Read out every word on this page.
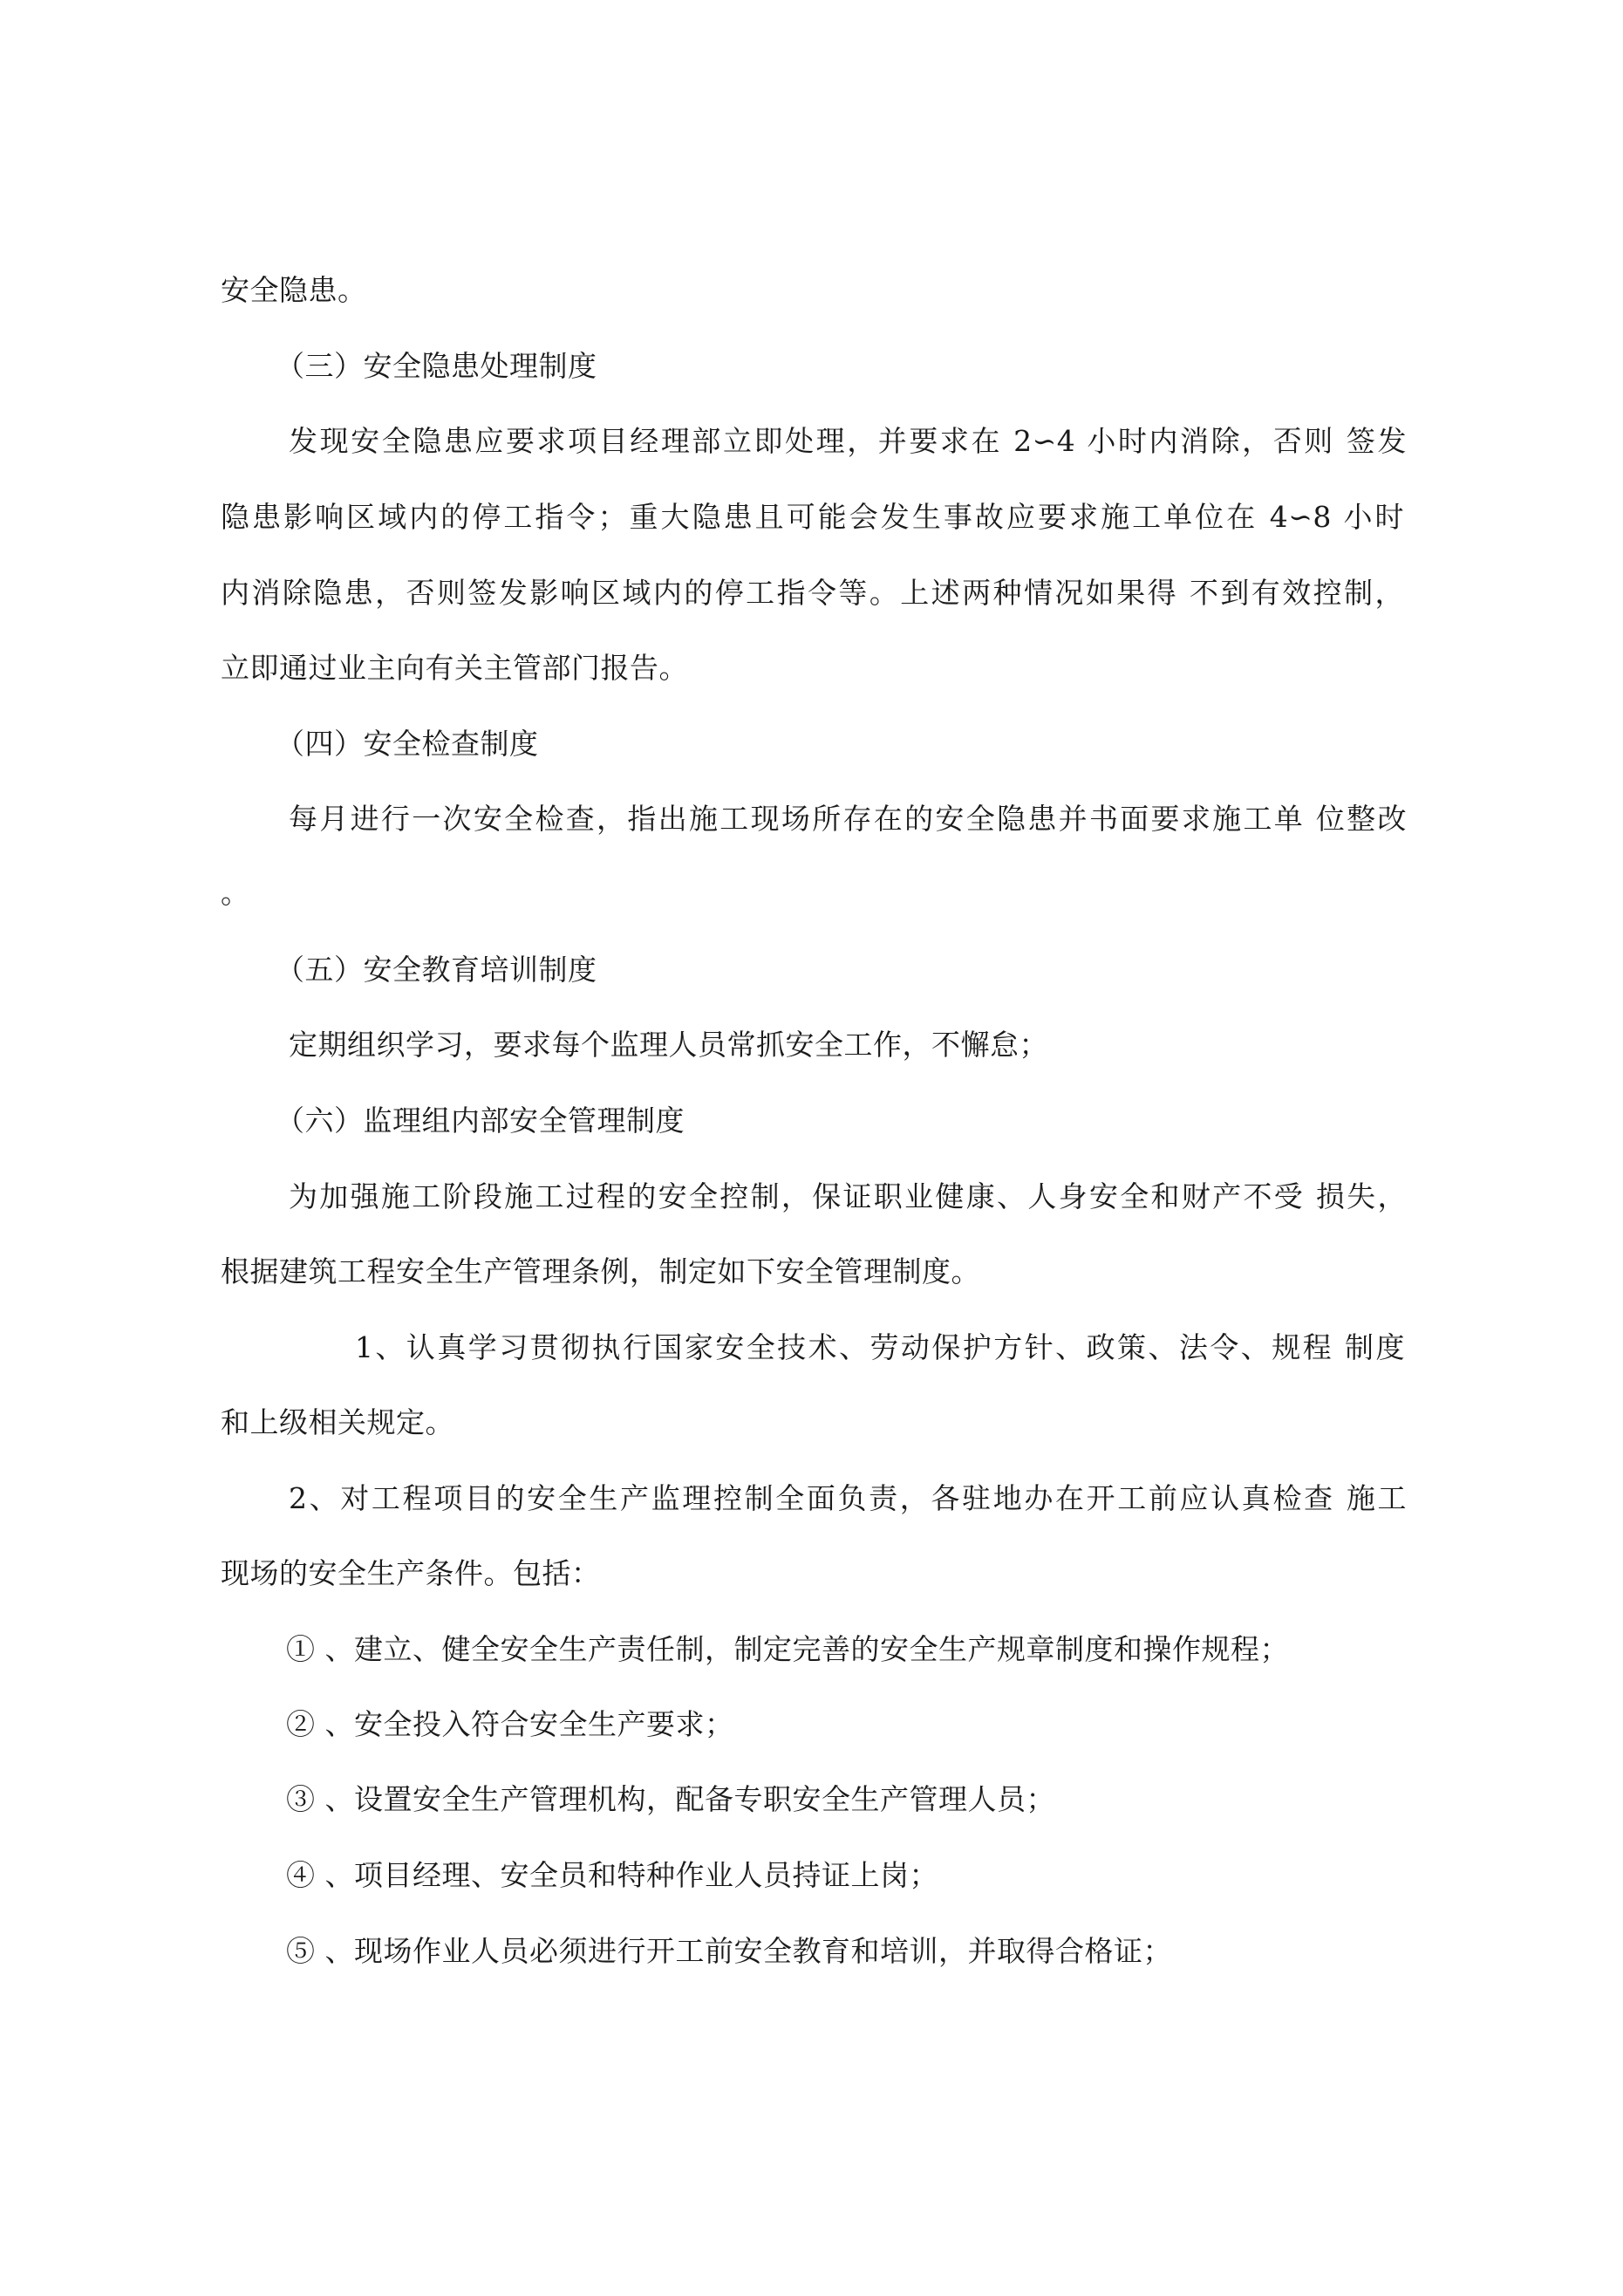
安全隐患。
（三）安全隐患处理制度
发现安全隐患应要求项目经理部立即处理，并要求在 2∽4 小时内消除，否则 签发
隐患影响区域内的停工指令；重大隐患且可能会发生事故应要求施工单位在 4∽8 小时
内消除隐患，否则签发影响区域内的停工指令等。上述两种情况如果得 不到有效控制，
立即通过业主向有关主管部门报告。
（四）安全检查制度
每月进行一次安全检查，指出施工现场所存在的安全隐患并书面要求施工单 位整改
。
（五）安全教育培训制度
定期组织学习，要求每个监理人员常抓安全工作，不懈怠；
（六）监理组内部安全管理制度
为加强施工阶段施工过程的安全控制，保证职业健康、人身安全和财产不受 损失，
根据建筑工程安全生产管理条例，制定如下安全管理制度。
1、认真学习贯彻执行国家安全技术、劳动保护方针、政策、法令、规程 制度
和上级相关规定。
2、对工程项目的安全生产监理控制全面负责，各驻地办在开工前应认真检查 施工
现场的安全生产条件。包括：
① 、建立、健全安全生产责任制，制定完善的安全生产规章制度和操作规程；
② 、安全投入符合安全生产要求；
③ 、设置安全生产管理机构，配备专职安全生产管理人员；
④ 、项目经理、安全员和特种作业人员持证上岗；
⑤ 、现场作业人员必须进行开工前安全教育和培训，并取得合格证；
